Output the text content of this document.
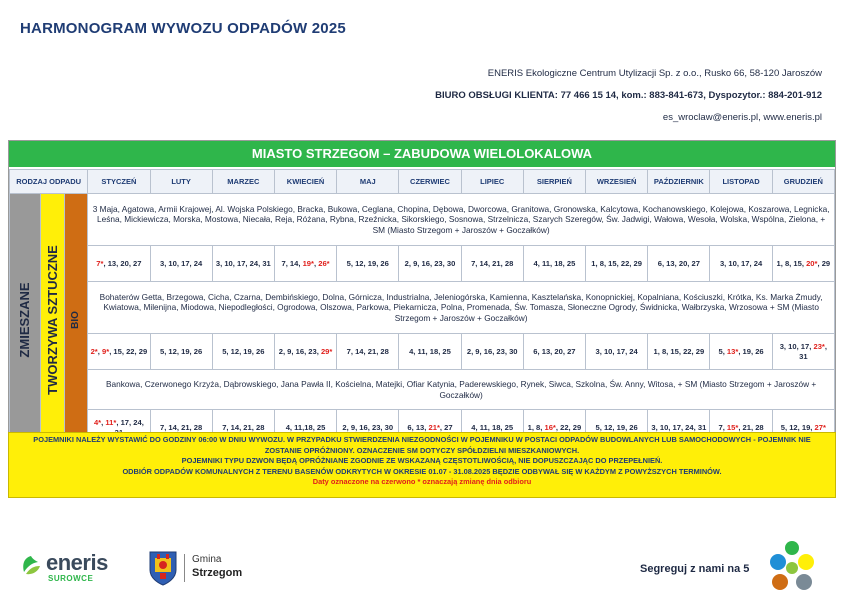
HARMONOGRAM WYWOZU ODPADÓW 2025
ENERIS Ekologiczne Centrum Utylizacji Sp. z o.o., Rusko 66, 58-120 Jaroszów
BIURO OBSŁUGI KLIENTA: 77 466 15 14, kom.: 883-841-673, Dyspozytor.: 884-201-912
es_wroclaw@eneris.pl, www.eneris.pl
MIASTO STRZEGOM – ZABUDOWA WIELOLOKALOWA
RODZAJ ODPADU			STYCZEŃ	LUTY	MARZEC	KWIECIEŃ	MAJ	CZERWIEC	LIPIEC	SIERPIEŃ	WRZESIEŃ	PAŹDZIERNIK	LISTOPAD	GRUDZIEŃ

ZMIESZANE	TWORZYWA SZTUCZNE	BIO	3 Maja, Agatowa, Armii Krajowej, Al. Wojska Polskiego, Bracka, Bukowa, Ceglana, Chopina, Dębowa, Dworcowa, Granitowa, Gronowska, Kalcytowa, Kochanowskiego, Kolejowa, Koszarowa, Legnicka, Leśna, Mickiewicza, Morska, Mostowa, Niecała, Reja, Różana, Rybna, Rzeźnicka, Sikorskiego, Sosnowa, Strzelnicza, Szarych Szeregów, Św. Jadwigi, Wałowa, Wesoła, Wolska, Wspólna, Zielona, + SM (Miasto Strzegom + Jaroszów + Goczałków)											
			7*, 13, 20, 27	3, 10, 17, 24	3, 10, 17, 24, 31	7, 14, 19*, 26*	5, 12, 19, 26	2, 9, 16, 23, 30	7, 14, 21, 28	4, 11, 18, 25	1, 8, 15, 22, 29	6, 13, 20, 27	3, 10, 17, 24	1, 8, 15, 20*, 29
			Bohaterów Getta, Brzegowa, Cicha, Czarna, Dembińskiego, Dolna, Górnicza, Industrialna, Jeleniogórska, Kamienna, Kasztelańska, Konopnickiej, Kopalniana, Kościuszki, Krótka, Ks. Marka Żmudy, Kwiatowa, Milenijna, Miodowa, Niepodległości, Ogrodowa, Olszowa, Parkowa, Piekarnicza, Polna, Promenada, Św. Tomasza, Słoneczne Ogrody, Świdnicka, Wałbrzyska, Wrzosowa + SM (Miasto Strzegom + Jaroszów + Goczałków)											
			2*, 9*, 15, 22, 29	5, 12, 19, 26	5, 12, 19, 26	2, 9, 16, 23, 29*	7, 14, 21, 28	4, 11, 18, 25	2, 9, 16, 23, 30	6, 13, 20, 27	3, 10, 17, 24	1, 8, 15, 22, 29	5, 13*, 19, 26	3, 10, 17, 23*, 31
			Bankowa, Czerwonego Krzyża, Dąbrowskiego, Jana Pawła II, Kościelna, Matejki, Ofiar Katynia, Paderewskiego, Rynek, Siwca, Szkolna, Św. Anny, Witosa, + SM (Miasto Strzegom + Jaroszów + Goczałków)											
			4*, 11*, 17, 24,	7, 14, 21, 28	7, 14, 21, 28	4, 11,18, 25	2, 9, 16, 23, 30	6, 13, 21*, 27	4, 11, 18, 25	1, 8, 16*, 22, 29	5, 12, 19, 26	3, 10, 17, 24, 31	7, 15*, 21, 28	5, 12, 19, 27*
POJEMNIKI NALEŻY WYSTAWIĆ DO GODZINY 06:00 W DNIU WYWOZU. W PRZYPADKU STWIERDZENIA NIEZGODNOŚCI W POJEMNIKU W POSTACI ODPADÓW BUDOWLANYCH LUB SAMOCHODOWYCH - POJEMNIK NIE ZOSTANIE OPRÓŻNIONY. OZNACZENIE SM DOTYCZY SPÓŁDZIELNI MIESZKANIOWYCH.
POJEMNIKI TYPU DZWON BĘDĄ OPRÓŻNIANE ZGODNIE ZE WSKAZANĄ CZĘSTOTLIWOŚCIĄ, NIE DOPUSZCZAJĄC DO PRZEPEŁNIEŃ.
ODBIÓR ODPADÓW KOMUNALNYCH Z TERENU BASENÓW ODKRYTYCH W OKRESIE 01.07 - 31.08.2025 BĘDZIE ODBYWAŁ SIĘ W KAŻDYM Z POWYŻSZYCH TERMINÓW.
Daty oznaczone na czerwono * oznaczają zmianę dnia odbioru
eneris
SUROWCE
Gmina
Strzegom	Segreguj z nami na 5
